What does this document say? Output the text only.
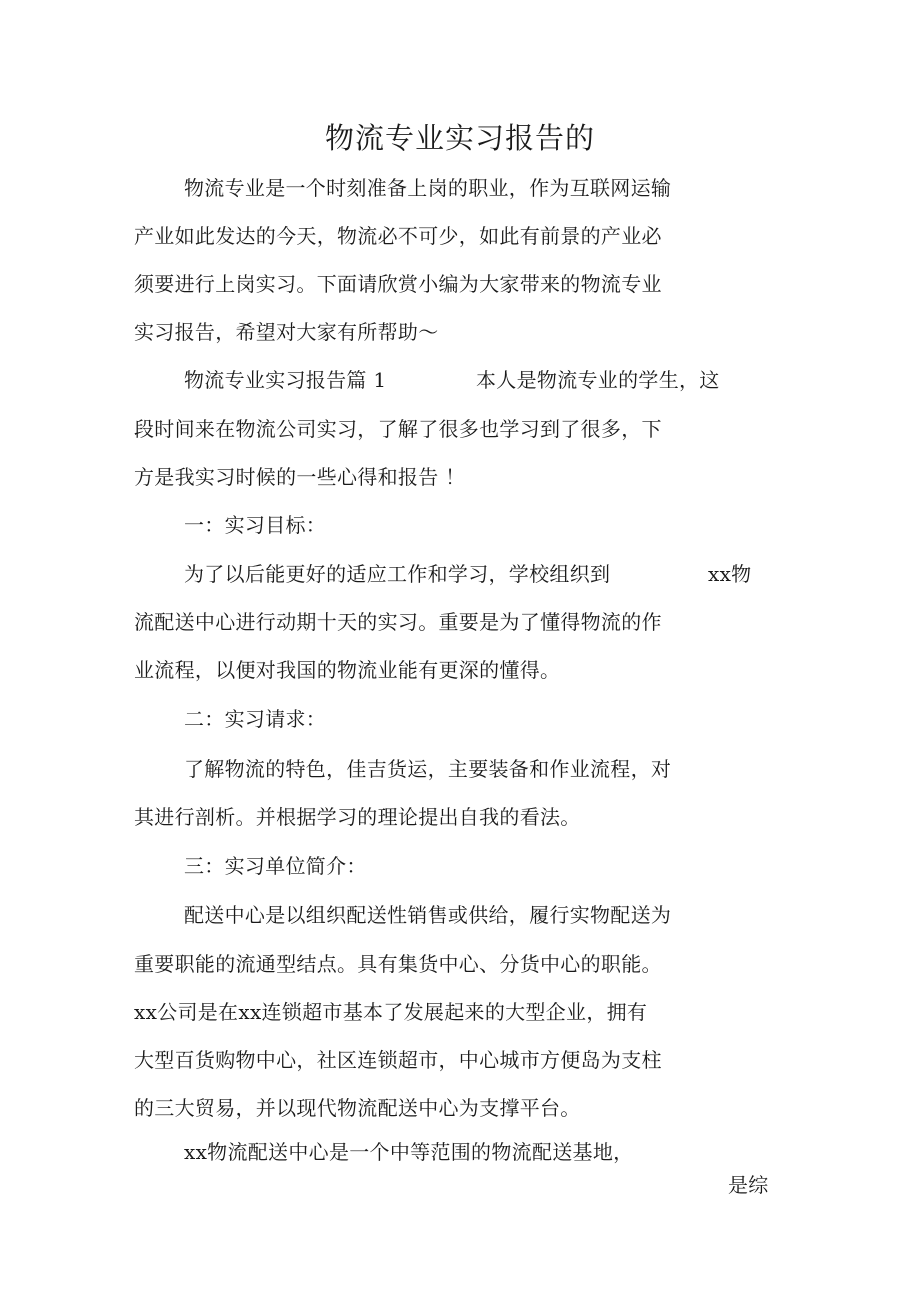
物流专业实习报告的
物流专业是一个时刻准备上岗的职业，作为互联网运输
产业如此发达的今天，物流必不可少，如此有前景的产业必
须要进行上岗实习。下面请欣赏小编为大家带来的物流专业
实习报告，希望对大家有所帮助〜
物流专业实习报告篇 1	本人是物流专业的学生，这
段时间来在物流公司实习，了解了很多也学习到了很多，下
方是我实习时候的一些心得和报告 ！
一：实习目标：
为了以后能更好的适应工作和学习，学校组织到	xx物
流配送中心进行动期十天的实习。重要是为了懂得物流的作
业流程，以便对我国的物流业能有更深的懂得。
二：实习请求：
了解物流的特色，佳吉货运，主要装备和作业流程，对
其进行剖析。并根据学习的理论提出自我的看法。
三：实习单位简介：
配送中心是以组织配送性销售或供给，履行实物配送为
重要职能的流通型结点。具有集货中心、分货中心的职能。
xx公司是在xx连锁超市基本了发展起来的大型企业，拥有
大型百货购物中心，社区连锁超市，中心城市方便岛为支柱
的三大贸易，并以现代物流配送中心为支撑平台。
xx物流配送中心是一个中等范围的物流配送基地，
是综
